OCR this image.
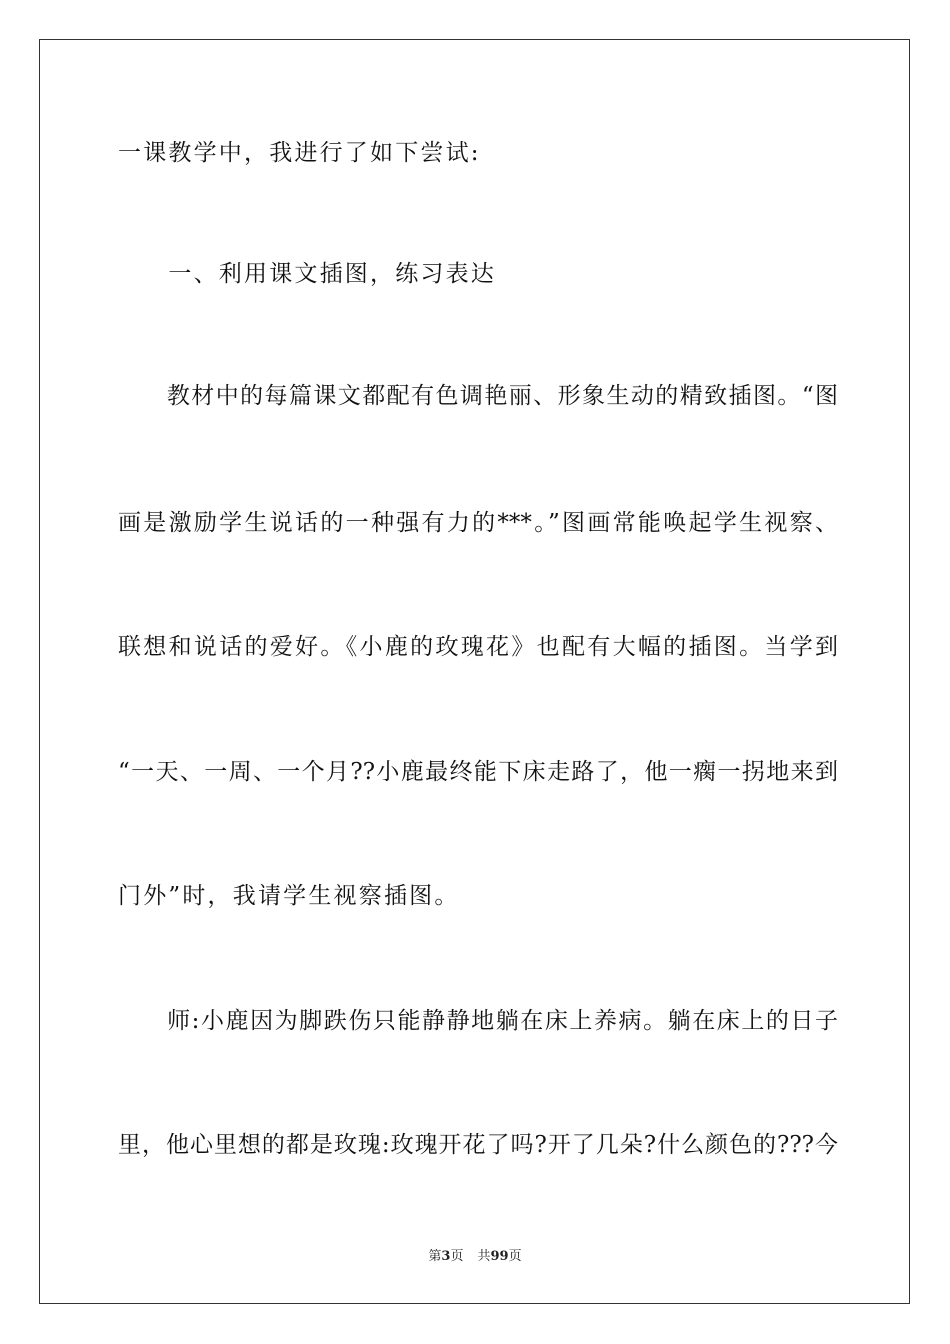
一课教学中，我进行了如下尝试:
　　一、利用课文插图，练习表达
　　教材中的每篇课文都配有色调艳丽、形象生动的精致插图。“图
画是激励学生说话的一种强有力的***。”图画常能唤起学生视察、
联想和说话的爱好。《小鹿的玫瑰花》也配有大幅的插图。当学到
“一天、一周、一个月??小鹿最终能下床走路了，他一瘸一拐地来到
门外”时，我请学生视察插图。
　　师:小鹿因为脚跌伤只能静静地躺在床上养病。躺在床上的日子
里，他心里想的都是玫瑰:玫瑰开花了吗?开了几朵?什么颜色的???今
第3页 共99页
